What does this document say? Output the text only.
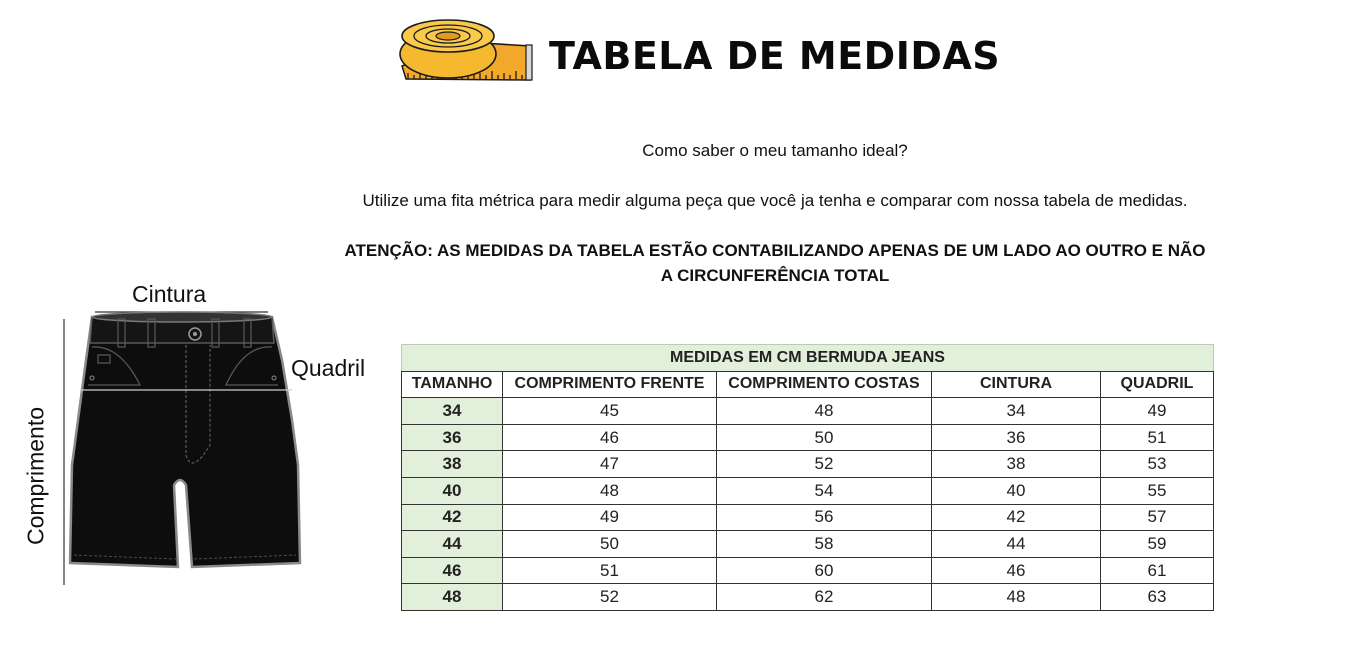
TABELA DE MEDIDAS
Como saber o meu tamanho ideal?
Utilize uma fita métrica para medir alguma peça que você ja tenha e comparar com nossa tabela de medidas.
ATENÇÃO: AS MEDIDAS DA TABELA ESTÃO CONTABILIZANDO APENAS DE UM LADO AO OUTRO E NÃO A CIRCUNFERÊNCIA TOTAL
Cintura
Quadril
Comprimento
MEDIDAS EM CM BERMUDA JEANS				
TAMANHO	COMPRIMENTO FRENTE	COMPRIMENTO COSTAS	CINTURA	QUADRIL
34	45	48	34	49
36	46	50	36	51
38	47	52	38	53
40	48	54	40	55
42	49	56	42	57
44	50	58	44	59
46	51	60	46	61
48	52	62	48	63
